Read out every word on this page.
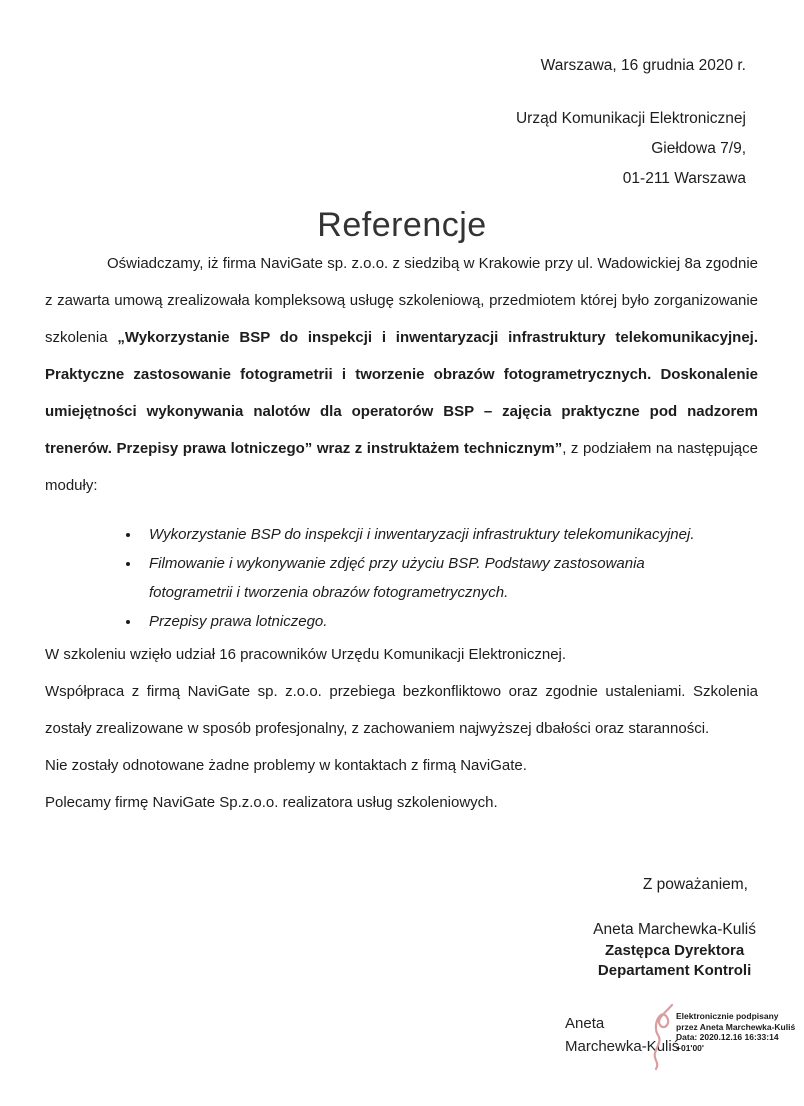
Warszawa, 16 grudnia 2020 r.
Urząd Komunikacji Elektronicznej
Giełdowa 7/9,
01-211 Warszawa
Referencje

Oświadczamy, iż firma NaviGate sp. z.o.o. z siedzibą w Krakowie przy ul. Wadowickiej 8a zgodnie z zawarta umową zrealizowała kompleksową usługę szkoleniową, przedmiotem której było zorganizowanie szkolenia „Wykorzystanie BSP do inspekcji i inwentaryzacji infrastruktury telekomunikacyjnej. Praktyczne zastosowanie fotogrametrii i tworzenie obrazów fotogrametrycznych. Doskonalenie umiejętności wykonywania nalotów dla operatorów BSP – zajęcia praktyczne pod nadzorem trenerów. Przepisy prawa lotniczego” wraz z instruktażem technicznym”, z podziałem na następujące moduły:

• Wykorzystanie BSP do inspekcji i inwentaryzacji infrastruktury telekomunikacyjnej.
• Filmowanie i wykonywanie zdjęć przy użyciu BSP. Podstawy zastosowania fotogrametrii i tworzenia obrazów fotogrametrycznych.
• Przepisy prawa lotniczego.

W szkoleniu wzięło udział 16 pracowników Urzędu Komunikacji Elektronicznej.

Współpraca z firmą NaviGate sp. z.o.o. przebiega bezkonfliktowo oraz zgodnie ustaleniami. Szkolenia zostały zrealizowane w sposób profesjonalny, z zachowaniem najwyższej dbałości oraz staranności.

Nie zostały odnotowane żadne problemy w kontaktach z firmą NaviGate.

Polecamy firmę NaviGate Sp.z.o.o. realizatora usług szkoleniowych.

Z poważaniem,
Aneta Marchewka-Kuliś
Zastępca Dyrektora
Departament Kontroli
Aneta
Marchewka-Kuliś
Elektronicznie podpisany
przez Aneta Marchewka-Kuliś
Data: 2020.12.16 16:33:14
+01'00'
